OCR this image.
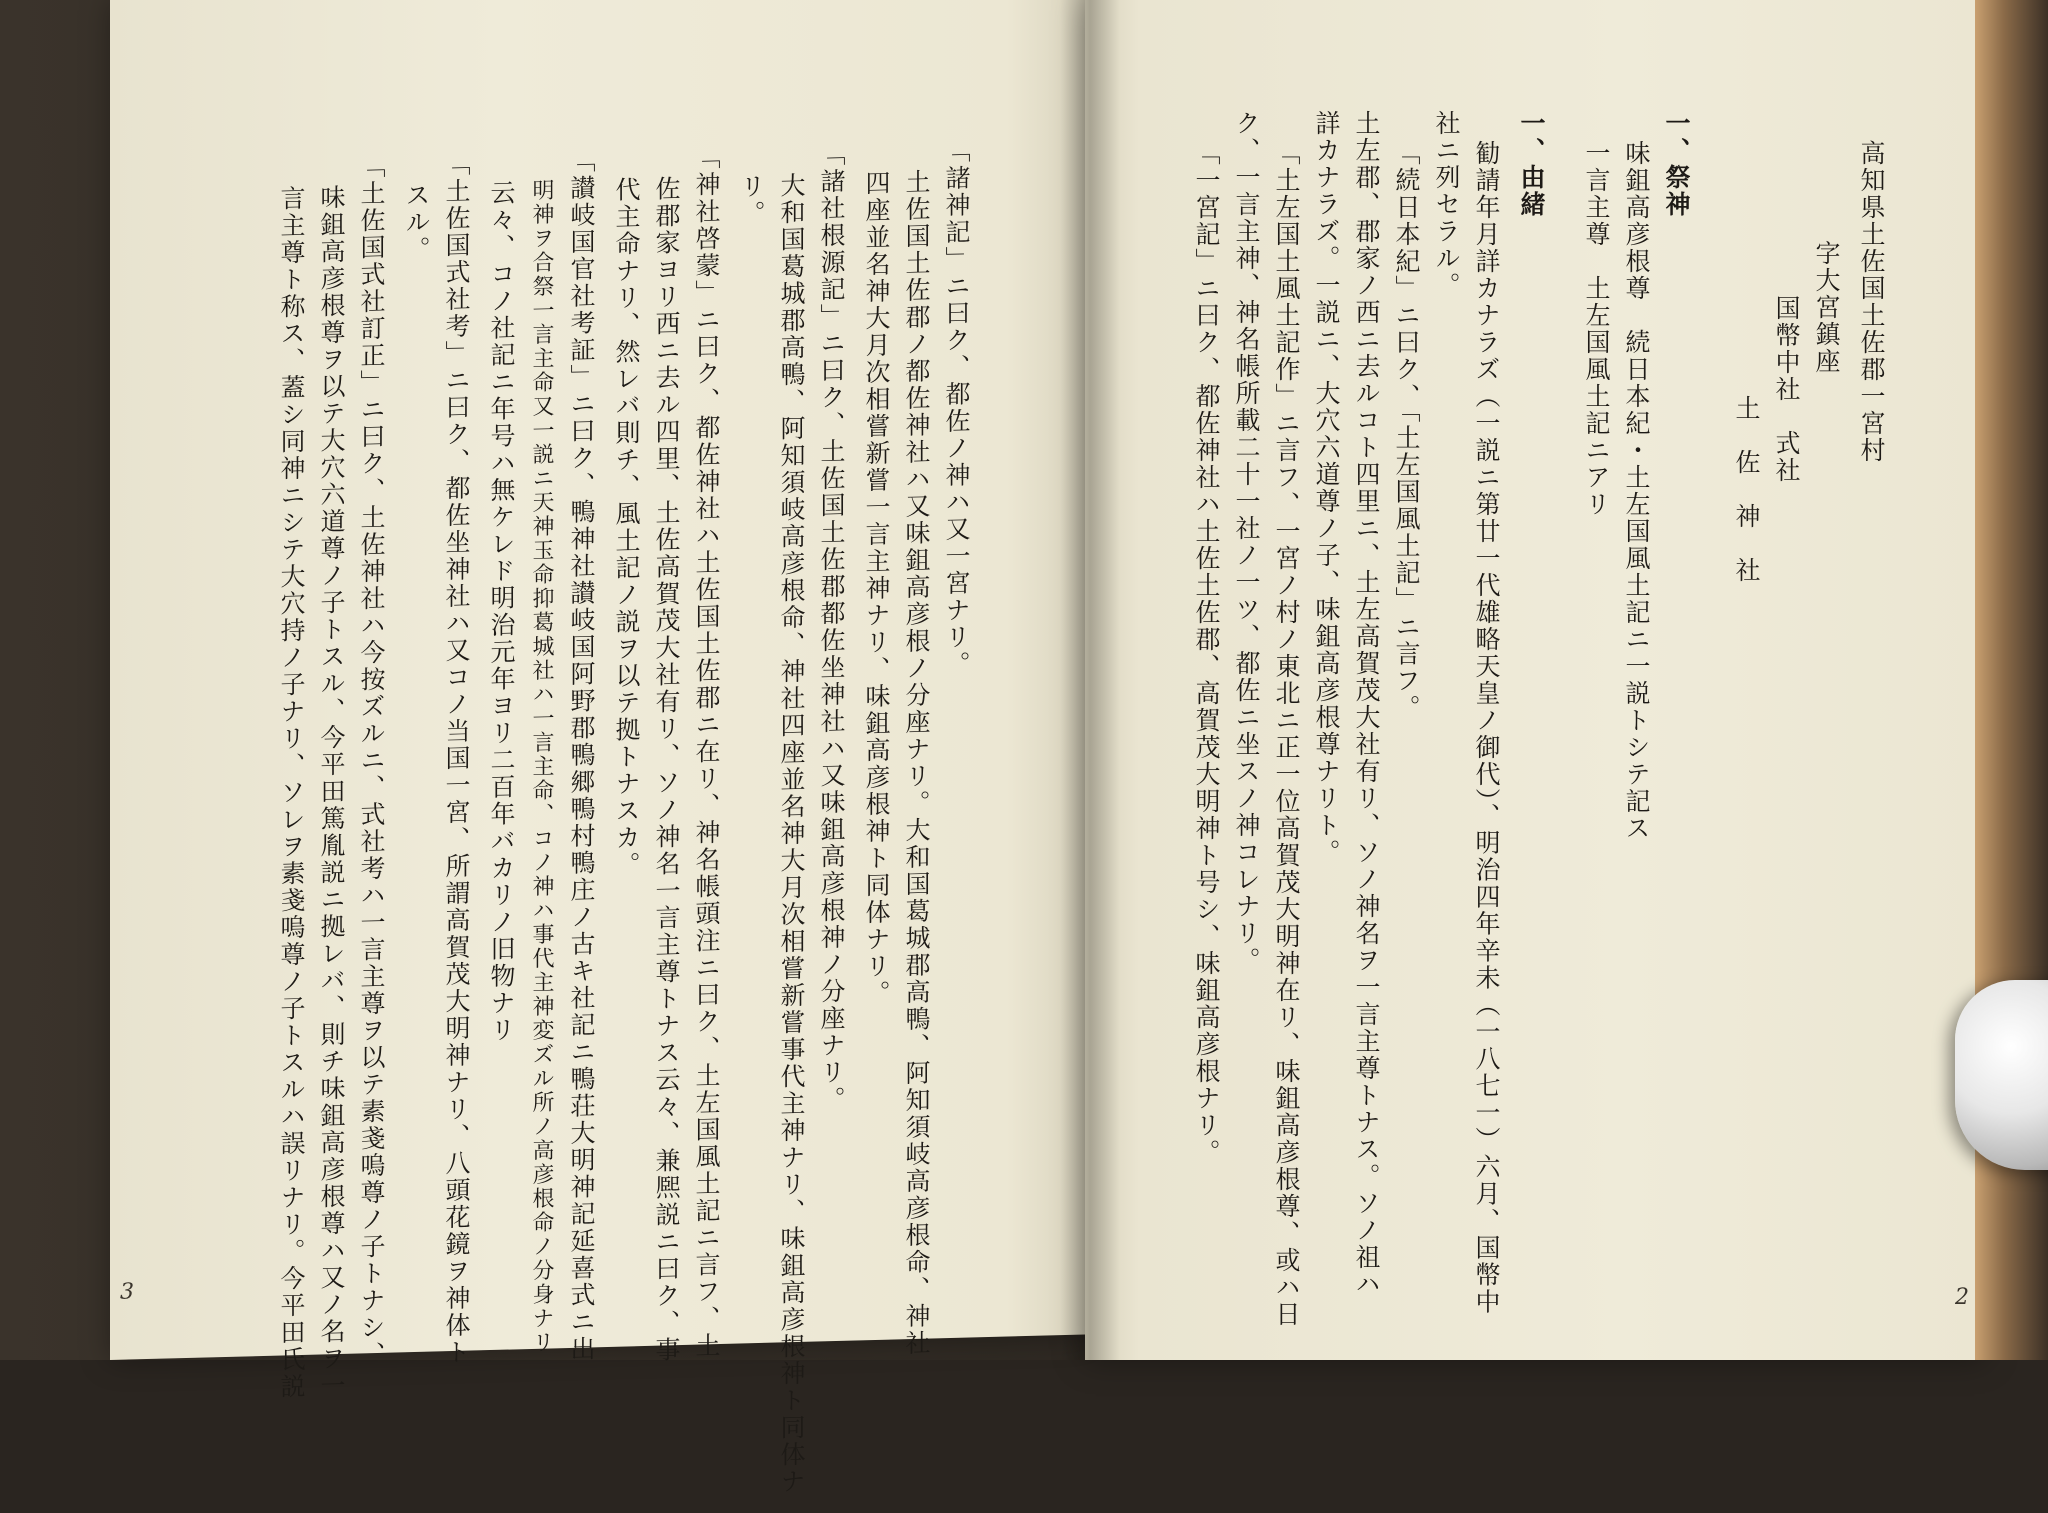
「諸神記」ニ曰ク、都佐ノ神ハ又一宮ナリ。
土佐国土佐郡ノ都佐神社ハ又味鉏高彦根ノ分座ナリ。大和国葛城郡高鴨、阿知須岐高彦根命、神社
四座並名神大月次相嘗新嘗一言主神ナリ、味鉏高彦根神ト同体ナリ。
「諸社根源記」ニ曰ク、土佐国土佐郡都佐坐神社ハ又味鉏高彦根神ノ分座ナリ。
大和国葛城郡高鴨、阿知須岐高彦根命、神社四座並名神大月次相嘗新嘗事代主神ナリ、味鉏高彦根神ト同体ナ
リ。
「神社啓蒙」ニ曰ク、都佐神社ハ土佐国土佐郡ニ在リ、神名帳頭注ニ曰ク、土左国風土記ニ言フ、土
佐郡家ヨリ西ニ去ル四里、土佐高賀茂大社有リ、ソノ神名一言主尊トナス云々、兼熈説ニ曰ク、事
代主命ナリ、然レバ則チ、風土記ノ説ヲ以テ拠トナスカ。
「讃岐国官社考証」ニ曰ク、鴨神社讃岐国阿野郡鴨郷鴨村鴨庄ノ古キ社記ニ鴨荘大明神記延喜式ニ出
明神ヲ合祭一言主命又一説ニ天神玉命抑葛城社ハ一言主命、コノ神ハ事代主神変ズル所ノ高彦根命ノ分身ナリ
云々、コノ社記ニ年号ハ無ケレド明治元年ヨリ二百年バカリノ旧物ナリ
「土佐国式社考」ニ曰ク、都佐坐神社ハ又コノ当国一宮、所謂高賀茂大明神ナリ、八頭花鏡ヲ神体ト
スル。
「土佐国式社訂正」ニ曰ク、土佐神社ハ今按ズルニ、式社考ハ一言主尊ヲ以テ素戔嗚尊ノ子トナシ、
味鉏高彦根尊ヲ以テ大穴六道尊ノ子トスル、今平田篤胤説ニ拠レバ、則チ味鉏高彦根尊ハ又ノ名ヲ一
言主尊ト称ス、蓋シ同神ニシテ大穴持ノ子ナリ、ソレヲ素戔嗚尊ノ子トスルハ誤リナリ。今平田氏説
3
高知県土佐国土佐郡一宮村
字大宮鎮座
国幣中社　式社
土　佐　神　社
一、祭神
味鉏高彦根尊　続日本紀・土左国風土記ニ一説トシテ記ス
一言主尊　土左国風土記ニアリ
一、由緒
勧請年月詳カナラズ（一説ニ第廿一代雄略天皇ノ御代）、明治四年辛未（一八七一）六月、国幣中
社ニ列セラル。
「続日本紀」ニ曰ク、「土左国風土記」ニ言フ。
土左郡、郡家ノ西ニ去ルコト四里ニ、土左高賀茂大社有リ、ソノ神名ヲ一言主尊トナス。ソノ祖ハ
詳カナラズ。一説ニ、大穴六道尊ノ子、味鉏高彦根尊ナリト。
「土左国土風土記作」ニ言フ、一宮ノ村ノ東北ニ正一位高賀茂大明神在リ、味鉏高彦根尊、或ハ日
ク、一言主神、神名帳所載二十一社ノ一ツ、都佐ニ坐スノ神コレナリ。
「一宮記」ニ曰ク、都佐神社ハ土佐土佐郡、高賀茂大明神ト号シ、味鉏高彦根ナリ。
2
